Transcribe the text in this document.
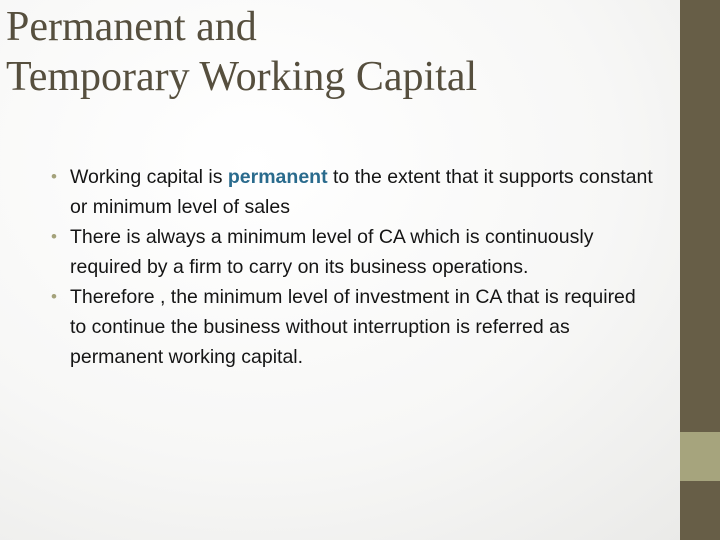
Permanent and
Temporary Working Capital
• Working capital is permanent to the extent that it supports constant or minimum level of sales
• There is always a minimum level of CA which is continuously required by a firm to carry on its business operations.
• Therefore , the minimum level of investment in CA that is required to continue the business without interruption is referred as permanent working capital.
